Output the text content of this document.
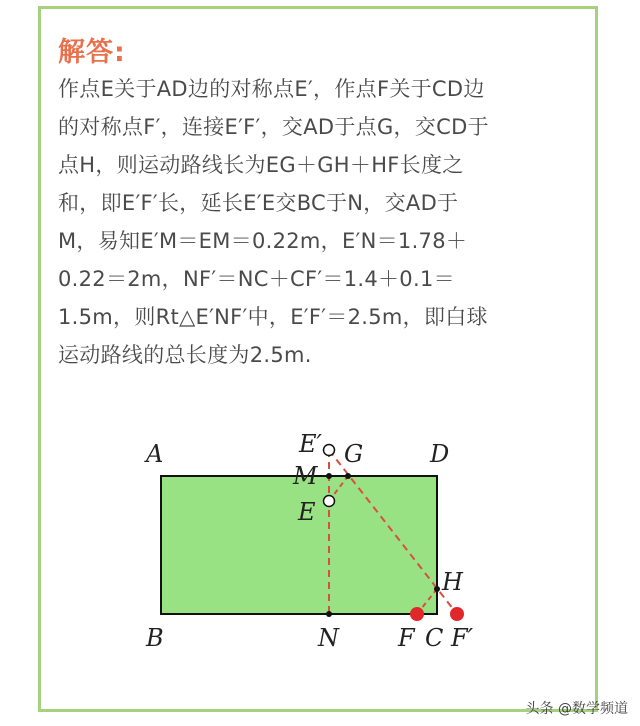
解答:

作点E关于AD边的对称点E′，作点F关于CD边
的对称点F′，连接E′F′，交AD于点G，交CD于
点H，则运动路线长为EG＋GH＋HF长度之
和，即E′F′长，延长E′E交BC于N，交AD于
M，易知E′M＝EM＝0.22m，E′N＝1.78＋
0.22＝2m，NF′＝NC＋CF′＝1.4＋0.1＝
1.5m，则Rt△E′NF′中，E′F′＝2.5m，即白球
运动路线的总长度为2.5m.

A	D
B	N F C F′
E′ G
M
E
H
头条 @数学频道
